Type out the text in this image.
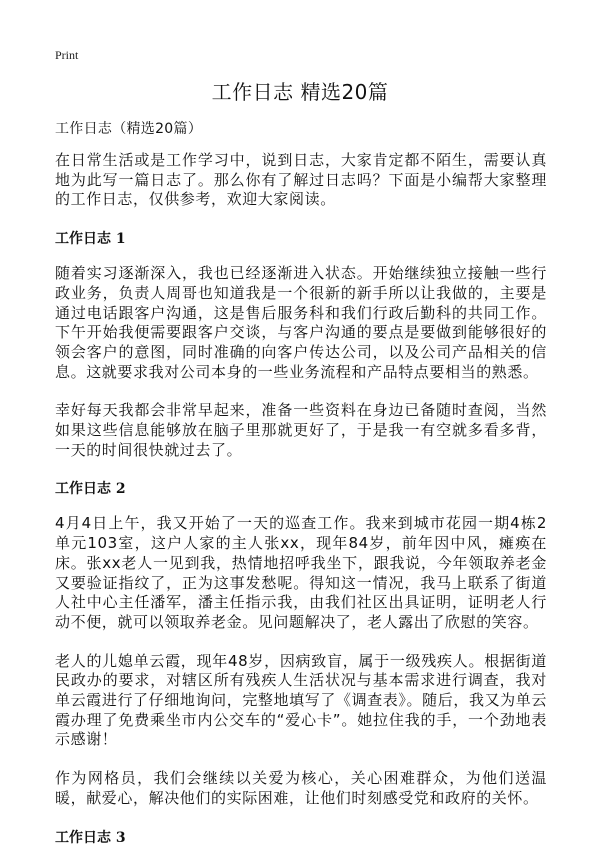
Print
工作日志 精选20篇

工作日志（精选20篇）

在日常生活或是工作学习中，说到日志，大家肯定都不陌生，需要认真地为此写一篇日志了。那么你有了解过日志吗？下面是小编帮大家整理的工作日志，仅供参考，欢迎大家阅读。

工作日志 1

随着实习逐渐深入，我也已经逐渐进入状态。开始继续独立接触一些行政业务，负责人周哥也知道我是一个很新的新手所以让我做的，主要是通过电话跟客户沟通，这是售后服务科和我们行政后勤科的共同工作。下午开始我便需要跟客户交谈，与客户沟通的要点是要做到能够很好的领会客户的意图，同时准确的向客户传达公司，以及公司产品相关的信息。这就要求我对公司本身的一些业务流程和产品特点要相当的熟悉。

幸好每天我都会非常早起来，准备一些资料在身边已备随时查阅，当然如果这些信息能够放在脑子里那就更好了，于是我一有空就多看多背，一天的时间很快就过去了。

工作日志 2

4月4日上午，我又开始了一天的巡查工作。我来到城市花园一期4栋2单元103室，这户人家的主人张xx，现年84岁，前年因中风，瘫痪在床。张xx老人一见到我，热情地招呼我坐下，跟我说，今年领取养老金又要验证指纹了，正为这事发愁呢。得知这一情况，我马上联系了街道人社中心主任潘军，潘主任指示我，由我们社区出具证明，证明老人行动不便，就可以领取养老金。见问题解决了，老人露出了欣慰的笑容。

老人的儿媳单云霞，现年48岁，因病致盲，属于一级残疾人。根据街道民政办的要求，对辖区所有残疾人生活状况与基本需求进行调查，我对单云霞进行了仔细地询问，完整地填写了《调查表》。随后，我又为单云霞办理了免费乘坐市内公交车的“爱心卡”。她拉住我的手，一个劲地表示感谢！

作为网格员，我们会继续以关爱为核心，关心困难群众，为他们送温暖，献爱心，解决他们的实际困难，让他们时刻感受党和政府的关怀。

工作日志 3
